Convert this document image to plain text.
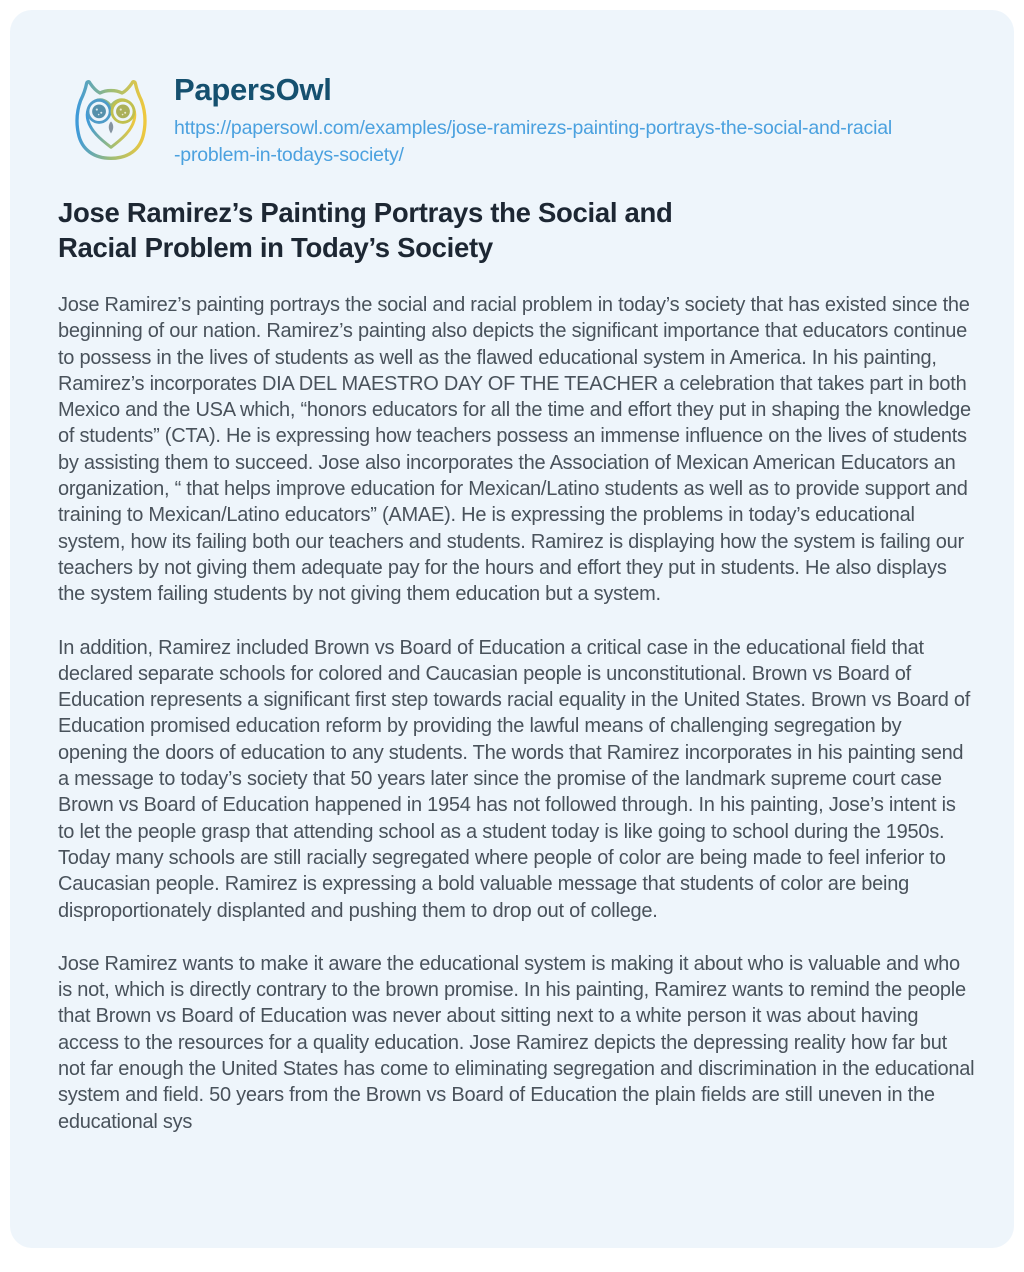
PapersOwl
https://papersowl.com/examples/jose-ramirezs-painting-portrays-the-social-and-racial-problem-in-todays-society/
Jose Ramirez’s Painting Portrays the Social and Racial Problem in Today’s Society

Jose Ramirez’s painting portrays the social and racial problem in today’s society that has existed since the beginning of our nation. Ramirez’s painting also depicts the significant importance that educators continue to possess in the lives of students as well as the flawed educational system in America. In his painting, Ramirez’s incorporates DIA DEL MAESTRO DAY OF THE TEACHER a celebration that takes part in both Mexico and the USA which, “honors educators for all the time and effort they put in shaping the knowledge of students” (CTA). He is expressing how teachers possess an immense influence on the lives of students by assisting them to succeed. Jose also incorporates the Association of Mexican American Educators an organization, “ that helps improve education for Mexican/Latino students as well as to provide support and training to Mexican/Latino educators” (AMAE). He is expressing the problems in today’s educational system, how its failing both our teachers and students. Ramirez is displaying how the system is failing our teachers by not giving them adequate pay for the hours and effort they put in students. He also displays the system failing students by not giving them education but a system.

In addition, Ramirez included Brown vs Board of Education a critical case in the educational field that declared separate schools for colored and Caucasian people is unconstitutional. Brown vs Board of Education represents a significant first step towards racial equality in the United States. Brown vs Board of Education promised education reform by providing the lawful means of challenging segregation by opening the doors of education to any students. The words that Ramirez incorporates in his painting send a message to today’s society that 50 years later since the promise of the landmark supreme court case Brown vs Board of Education happened in 1954 has not followed through. In his painting, Jose’s intent is to let the people grasp that attending school as a student today is like going to school during the 1950s. Today many schools are still racially segregated where people of color are being made to feel inferior to Caucasian people. Ramirez is expressing a bold valuable message that students of color are being disproportionately displanted and pushing them to drop out of college.

Jose Ramirez wants to make it aware the educational system is making it about who is valuable and who is not, which is directly contrary to the brown promise. In his painting, Ramirez wants to remind the people that Brown vs Board of Education was never about sitting next to a white person it was about having access to the resources for a quality education. Jose Ramirez depicts the depressing reality how far but not far enough the United States has come to eliminating segregation and discrimination in the educational system and field. 50 years from the Brown vs Board of Education the plain fields are still uneven in the educational sys
